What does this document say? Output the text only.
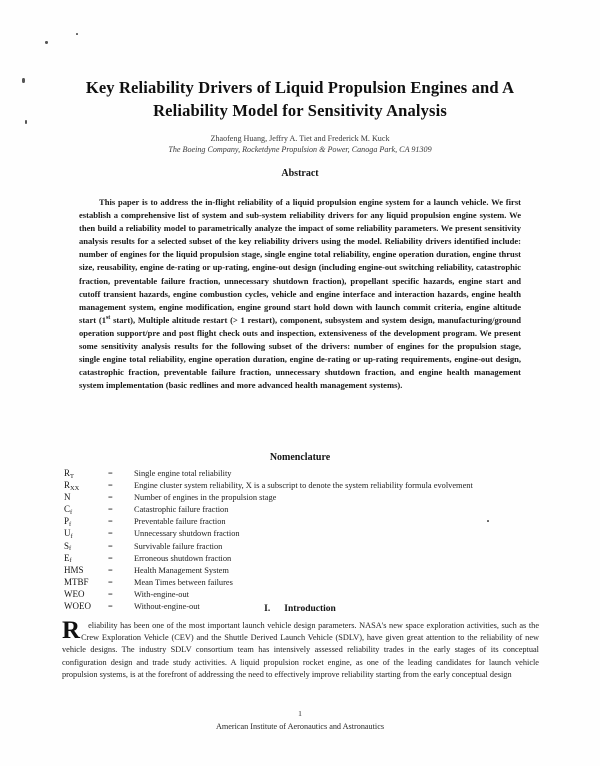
Key Reliability Drivers of Liquid Propulsion Engines and A
Reliability Model for Sensitivity Analysis
Zhaofeng Huang, Jeffry A. Tiet and Frederick M. Kuck
The Boeing Company, Rocketdyne Propulsion & Power, Canoga Park, CA 91309
Abstract
This paper is to address the in-flight reliability of a liquid propulsion engine system for a launch vehicle. We first establish a comprehensive list of system and sub-system reliability drivers for any liquid propulsion engine system. We then build a reliability model to parametrically analyze the impact of some reliability parameters. We present sensitivity analysis results for a selected subset of the key reliability drivers using the model. Reliability drivers identified include: number of engines for the liquid propulsion stage, single engine total reliability, engine operation duration, engine thrust size, reusability, engine de-rating or up-rating, engine-out design (including engine-out switching reliability, catastrophic fraction, preventable failure fraction, unnecessary shutdown fraction), propellant specific hazards, engine start and cutoff transient hazards, engine combustion cycles, vehicle and engine interface and interaction hazards, engine health management system, engine modification, engine ground start hold down with launch commit criteria, engine altitude start (1st start), Multiple altitude restart (> 1 restart), component, subsystem and system design, manufacturing/ground operation support/pre and post flight check outs and inspection, extensiveness of the development program. We present some sensitivity analysis results for the following subset of the drivers: number of engines for the propulsion stage, single engine total reliability, engine operation duration, engine de-rating or up-rating requirements, engine-out design, catastrophic fraction, preventable failure fraction, unnecessary shutdown fraction, and engine health management system implementation (basic redlines and more advanced health management systems).
Nomenclature
$R_T$	=	Single engine total reliability
$R_{XX}$	=	Engine cluster system reliability, X is a subscript to denote the system reliability formula evolvement
N	=	Number of engines in the propulsion stage
$C_f$	=	Catastrophic failure fraction
$P_f$	=	Preventable failure fraction
$U_f$	=	Unnecessary shutdown fraction
$S_f$	=	Survivable failure fraction
$E_f$	=	Erroneous shutdown fraction
HMS	=	Health Management System
MTBF	=	Mean Times between failures
WEO	=	With-engine-out
WOEO	=	Without-engine-out	I. Introduction
Reliability has been one of the most important launch vehicle design parameters. NASA's new space exploration activities, such as the Crew Exploration Vehicle (CEV) and the Shuttle Derived Launch Vehicle (SDLV), have given great attention to the reliability of new vehicle designs. The industry SDLV consortium team has intensively assessed reliability trades in the early stages of its conceptual configuration design and trade study activities. A liquid propulsion rocket engine, as one of the leading candidates for launch vehicle propulsion systems, is at the forefront of addressing the need to effectively improve reliability starting from the early conceptual design
1
American Institute of Aeronautics and Astronautics
